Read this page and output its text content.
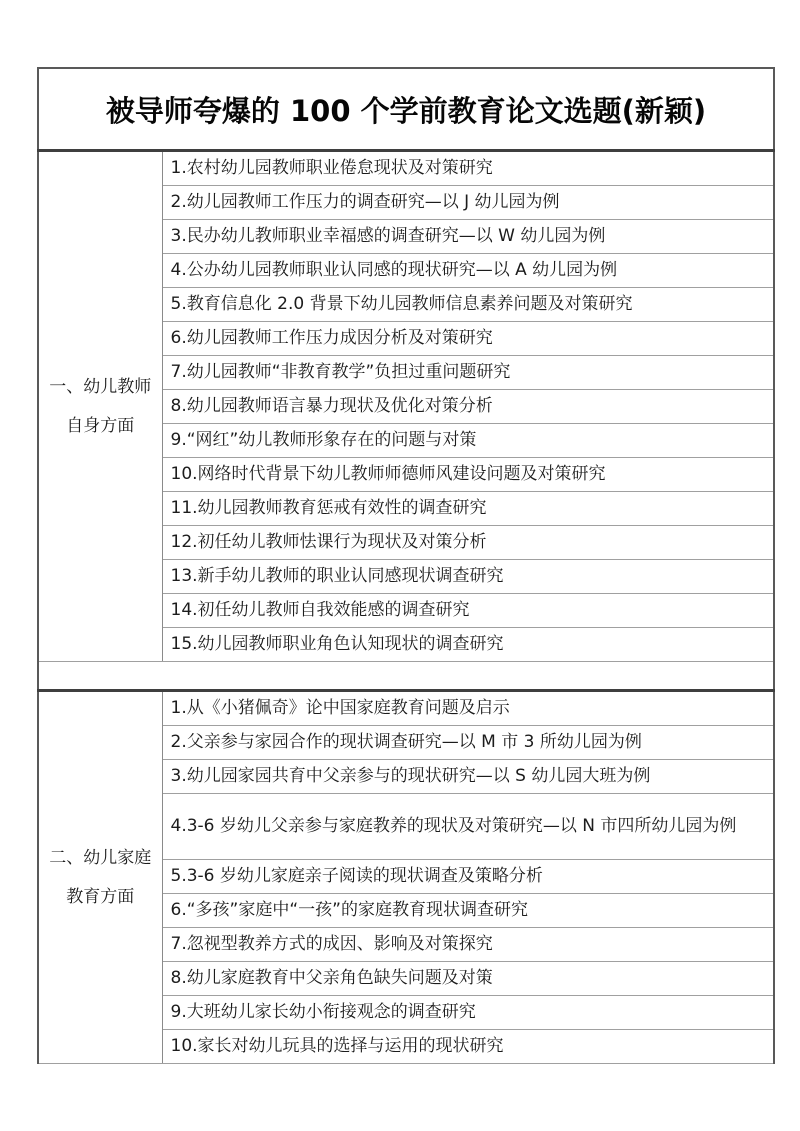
被导师夸爆的 100 个学前教育论文选题(新颖)	
一、幼儿教师
自身方面	1.农村幼儿园教师职业倦怠现状及对策研究
	2.幼儿园教师工作压力的调查研究—以 J 幼儿园为例
	3.民办幼儿教师职业幸福感的调查研究—以 W 幼儿园为例
	4.公办幼儿园教师职业认同感的现状研究—以 A 幼儿园为例
	5.教育信息化 2.0 背景下幼儿园教师信息素养问题及对策研究
	6.幼儿园教师工作压力成因分析及对策研究
	7.幼儿园教师“非教育教学”负担过重问题研究
	8.幼儿园教师语言暴力现状及优化对策分析
	9.“网红”幼儿教师形象存在的问题与对策
	10.网络时代背景下幼儿教师师德师风建设问题及对策研究
	11.幼儿园教师教育惩戒有效性的调查研究
	12.初任幼儿教师怯课行为现状及对策分析
	13.新手幼儿教师的职业认同感现状调查研究
	14.初任幼儿教师自我效能感的调查研究
	15.幼儿园教师职业角色认知现状的调查研究

二、幼儿家庭
教育方面	1.从《小猪佩奇》论中国家庭教育问题及启示
	2.父亲参与家园合作的现状调查研究—以 M 市 3 所幼儿园为例
	3.幼儿园家园共育中父亲参与的现状研究—以 S 幼儿园大班为例
	4.3-6 岁幼儿父亲参与家庭教养的现状及对策研究—以 N 市四所幼儿园为例
	5.3-6 岁幼儿家庭亲子阅读的现状调查及策略分析
	6.“多孩”家庭中“一孩”的家庭教育现状调查研究
	7.忽视型教养方式的成因、影响及对策探究
	8.幼儿家庭教育中父亲角色缺失问题及对策
	9.大班幼儿家长幼小衔接观念的调查研究
	10.家长对幼儿玩具的选择与运用的现状研究
